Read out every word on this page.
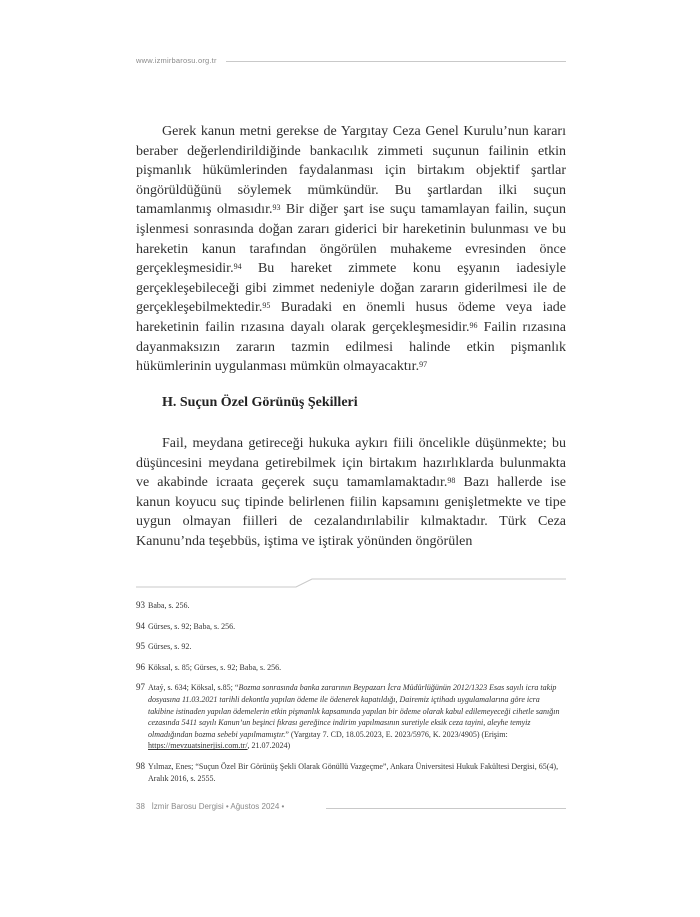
www.izmirbarosu.org.tr

Gerek kanun metni gerekse de Yargıtay Ceza Genel Kurulu’nun kararı beraber değerlendirildiğinde bankacılık zimmeti suçunun failinin etkin pişmanlık hükümlerinden faydalanması için birtakım objektif şartlar öngörüldüğünü söylemek mümkündür. Bu şartlardan ilki suçun tamamlanmış olmasıdır.$^{93}$ Bir diğer şart ise suçu tamamlayan failin, suçun işlenmesi sonrasında doğan zararı giderici bir hareketinin bulunması ve bu hareketin kanun tarafından öngörülen muhakeme evresinden önce gerçekleşmesidir.$^{94}$ Bu hareket zimmete konu eşyanın iadesiyle gerçekleşebileceği gibi zimmet nedeniyle doğan zararın giderilmesi ile de gerçekleşebilmektedir.$^{95}$ Buradaki en önemli husus ödeme veya iade hareketinin failin rızasına dayalı olarak gerçekleşmesidir.$^{96}$ Failin rızasına dayanmaksızın zararın tazmin edilmesi halinde etkin pişmanlık hükümlerinin uygulanması mümkün olmayacaktır.$^{97}$

H. Suçun Özel Görünüş Şekilleri

Fail, meydana getireceği hukuka aykırı fiili öncelikle düşünmekte; bu düşüncesini meydana getirebilmek için birtakım hazırlıklarda bulunmakta ve akabinde icraata geçerek suçu tamamlamaktadır.$^{98}$ Bazı hallerde ise kanun koyucu suç tipinde belirlenen fiilin kapsamını genişletmekte ve tipe uygun olmayan fiilleri de cezalandırılabilir kılmaktadır. Türk Ceza Kanunu’nda teşebbüs, iştima ve iştirak yönünden öngörülen

93 Baba, s. 256.
94 Gürses, s. 92; Baba, s. 256.
95 Gürses, s. 92.
96 Köksal, s. 85; Gürses, s. 92; Baba, s. 256.
97 Ataý, s. 634; Köksal, s.85; “Bozma sonrasında banka zararının Beypazarı İcra Müdürlüğünün 2012/1323 Esas sayılı icra takip dosyasına 11.03.2021 tarihli dekontla yapılan ödeme ile ödenerek kapatıldığı, Dairemiz içtihadı uygulamalarına göre icra takibine istinaden yapılan ödemelerin etkin pişmanlık kapsamında yapılan bir ödeme olarak kabul edilemeyeceği cihetle sanığın cezasında 5411 sayılı Kanun’un beşinci fıkrası gereğince indirim yapılmasının suretiyle eksik ceza tayini, aleyhe temyiz olmadığından bozma sebebi yapılmamıştır.” (Yargıtay 7. CD, 18.05.2023, E. 2023/5976, K. 2023/4905) (Erişim: https://mevzuatsinerjisi.com.tr/, 21.07.2024)
98 Yılmaz, Enes; “Suçun Özel Bir Görünüş Şekli Olarak Gönüllü Vazgeçme”, Ankara Üniversitesi Hukuk Fakültesi Dergisi, 65(4), Aralık 2016, s. 2555.
38 İzmir Barosu Dergisi • Ağustos 2024 •
